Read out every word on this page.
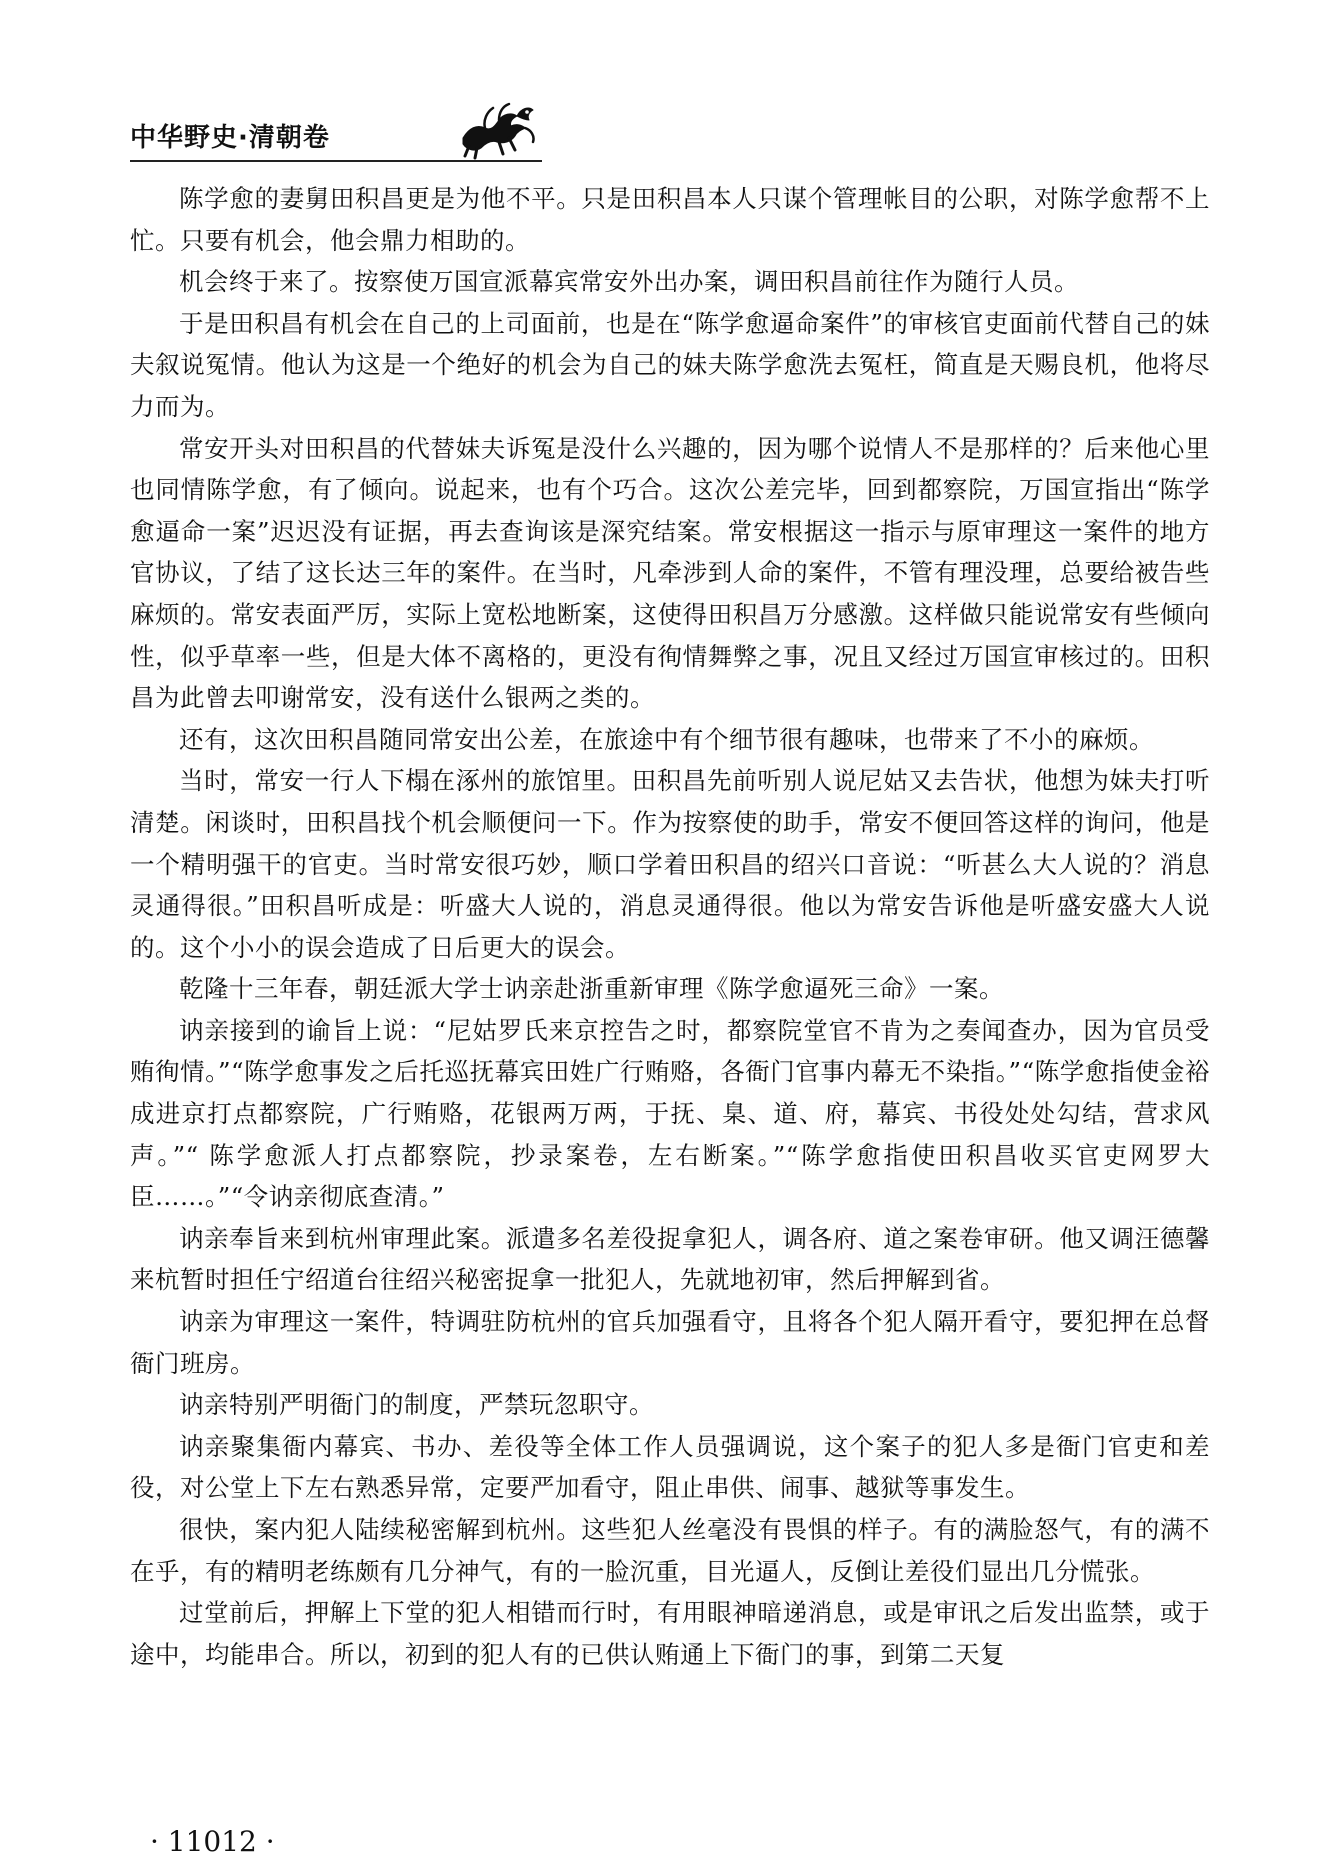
中华野史·清朝卷

陈学愈的妻舅田积昌更是为他不平。只是田积昌本人只谋个管理帐目的公职，对陈学愈帮不上忙。只要有机会，他会鼎力相助的。

机会终于来了。按察使万国宣派幕宾常安外出办案，调田积昌前往作为随行人员。

于是田积昌有机会在自己的上司面前，也是在“陈学愈逼命案件”的审核官吏面前代替自己的妹夫叙说冤情。他认为这是一个绝好的机会为自己的妹夫陈学愈洗去冤枉，简直是天赐良机，他将尽力而为。

常安开头对田积昌的代替妹夫诉冤是没什么兴趣的，因为哪个说情人不是那样的？后来他心里也同情陈学愈，有了倾向。说起来，也有个巧合。这次公差完毕，回到都察院，万国宣指出“陈学愈逼命一案”迟迟没有证据，再去查询该是深究结案。常安根据这一指示与原审理这一案件的地方官协议，了结了这长达三年的案件。在当时，凡牵涉到人命的案件，不管有理没理，总要给被告些麻烦的。常安表面严厉，实际上宽松地断案，这使得田积昌万分感激。这样做只能说常安有些倾向性，似乎草率一些，但是大体不离格的，更没有徇情舞弊之事，况且又经过万国宣审核过的。田积昌为此曾去叩谢常安，没有送什么银两之类的。

还有，这次田积昌随同常安出公差，在旅途中有个细节很有趣味，也带来了不小的麻烦。

当时，常安一行人下榻在涿州的旅馆里。田积昌先前听别人说尼姑又去告状，他想为妹夫打听清楚。闲谈时，田积昌找个机会顺便问一下。作为按察使的助手，常安不便回答这样的询问，他是一个精明强干的官吏。当时常安很巧妙，顺口学着田积昌的绍兴口音说：“听甚么大人说的？消息灵通得很。”田积昌听成是：听盛大人说的，消息灵通得很。他以为常安告诉他是听盛安盛大人说的。这个小小的误会造成了日后更大的误会。

乾隆十三年春，朝廷派大学士讷亲赴浙重新审理《陈学愈逼死三命》一案。

讷亲接到的谕旨上说：“尼姑罗氏来京控告之时，都察院堂官不肯为之奏闻查办，因为官员受贿徇情。”“陈学愈事发之后托巡抚幕宾田姓广行贿赂，各衙门官事内幕无不染指。”“陈学愈指使金裕成进京打点都察院，广行贿赂，花银两万两，于抚、臬、道、府，幕宾、书役处处勾结，营求风声。”“ 陈学愈派人打点都察院，抄录案卷，左右断案。”“陈学愈指使田积昌收买官吏网罗大臣……。”“令讷亲彻底查清。”

讷亲奉旨来到杭州审理此案。派遣多名差役捉拿犯人，调各府、道之案卷审研。他又调汪德馨来杭暂时担任宁绍道台往绍兴秘密捉拿一批犯人，先就地初审，然后押解到省。

讷亲为审理这一案件，特调驻防杭州的官兵加强看守，且将各个犯人隔开看守，要犯押在总督衙门班房。

讷亲特别严明衙门的制度，严禁玩忽职守。

讷亲聚集衙内幕宾、书办、差役等全体工作人员强调说，这个案子的犯人多是衙门官吏和差役，对公堂上下左右熟悉异常，定要严加看守，阻止串供、闹事、越狱等事发生。

很快，案内犯人陆续秘密解到杭州。这些犯人丝毫没有畏惧的样子。有的满脸怒气，有的满不在乎，有的精明老练颇有几分神气，有的一脸沉重，目光逼人，反倒让差役们显出几分慌张。

过堂前后，押解上下堂的犯人相错而行时，有用眼神暗递消息，或是审讯之后发出监禁，或于途中，均能串合。所以，初到的犯人有的已供认贿通上下衙门的事，到第二天复

· 11012 ·
